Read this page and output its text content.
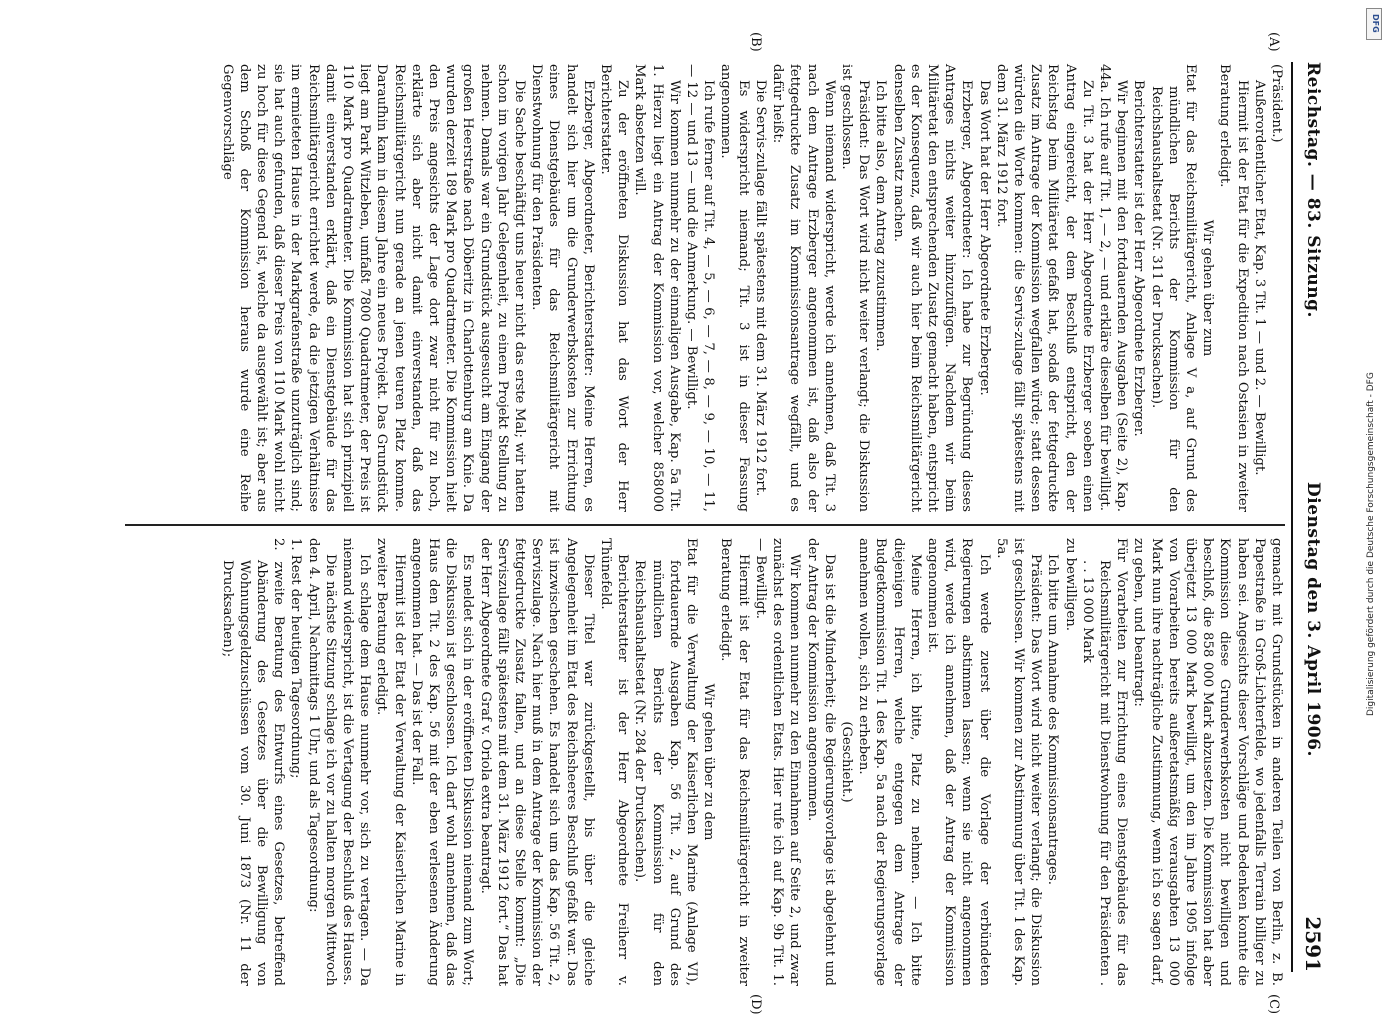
Reichstag. — 83. Sitzung.
Dienstag den 3. April 1906.
2591
(A)
(B)
(C)
(D)

(Präsident.)

Außerordentlicher Etat, Kap. 3 Tit. 1 — und 2. — Bewilligt.

Hiermit ist der Etat für die Expedition nach Ostasien in zweiter Beratung erledigt.

Wir gehen über zum

Etat für das Reichsmilitärgericht, Anlage V a, auf Grund des mündlichen Berichts der Kommission für den Reichshaushaltsetat (Nr. 311 der Drucksachen).

Berichterstatter ist der Herr Abgeordnete Erzberger.

Wir beginnen mit den fortdauernden Ausgaben (Seite 2), Kap. 44a. Ich rufe auf Tit. 1, — 2, — und erkläre dieselben für bewilligt.

Zu Tit. 3 hat der Herr Abgeordnete Erzberger soeben einen Antrag eingereicht, der dem Beschluß entspricht, den der Reichstag beim Militäretat gefaßt hat, sodaß der fettgedruckte Zusatz im Antrage der Kommission wegfallen würde; statt dessen würden die Worte kommen: die Servis-zulage fällt spätestens mit dem 31. März 1912 fort.

Das Wort hat der Herr Abgeordnete Erzberger.

Erzberger, Abgeordneter: Ich habe zur Begründung dieses Antrages nichts weiter hinzuzufügen. Nachdem wir beim Militäretat den entsprechenden Zusatz gemacht haben, entspricht es der Konsequenz, daß wir auch hier beim Reichsmilitärgericht denselben Zusatz machen.

Ich bitte also, dem Antrag zuzustimmen.

Präsident: Das Wort wird nicht weiter verlangt; die Diskussion ist geschlossen.

Wenn niemand widerspricht, werde ich annehmen, daß Tit. 3 nach dem Antrage Erzberger angenommen ist, daß also der fettgedruckte Zusatz im Kommissionsantrage wegfällt, und es dafür heißt:

Die Servis-zulage fällt spätestens mit dem 31. März 1912 fort.

Es widerspricht niemand; Tit. 3 ist in dieser Fassung angenommen.

Ich rufe ferner auf Tit. 4, — 5, — 6, — 7, — 8, — 9, — 10, — 11, — 12 — und 13 — und die Anmerkung. — Bewilligt.

Wir kommen nunmehr zu der einmaligen Ausgabe, Kap. 5a Tit. 1. Hierzu liegt ein Antrag der Kommission vor, welcher 858000 Mark absetzen will.

Zu der eröffneten Diskussion hat das Wort der Herr Berichterstatter.

Erzberger, Abgeordneter, Berichterstatter: Meine Herren, es handelt sich hier um die Grunderwerbskosten zur Errichtung eines Dienstgebäudes für das Reichsmilitärgericht mit Dienstwohnung für den Präsidenten.

Die Sache beschäftigt uns heuer nicht das erste Mal; wir hatten schon im vorigen Jahr Gelegenheit, zu einem Projekt Stellung zu nehmen. Damals war ein Grundstück ausgesucht am Eingang der großen Heerstraße nach Döberitz in Charlottenburg am Knie. Da wurden derzeit 189 Mark pro Quadratmeter. Die Kommission hielt den Preis angesichts der Lage dort zwar nicht für zu hoch, erklärte sich aber nicht damit einverstanden, daß das Reichsmilitärgericht nun gerade an jenen teuren Platz komme. Daraufhin kam in diesem Jahre ein neues Projekt. Das Grundstück liegt am Park Witzleben, umfaßt 7800 Quadratmeter, der Preis ist 110 Mark pro Quadratmeter. Die Kommission hat sich prinzipiell damit einverstanden erklärt, daß ein Dienstgebäude für das Reichsmilitärgericht errichtet werde, da die jetzigen Verhältnisse im ermieteten Hause in der Markgrafenstraße unzuträglich sind; sie hat auch gefunden, daß dieser Preis von 110 Mark wohl nicht zu hoch für diese Gegend ist, welche da ausgewählt ist; aber aus dem Schoß der Kommission heraus wurde eine Reihe Gegenvorschläge

gemacht mit Grundstücken in anderen Teilen von Berlin, z. B. Papestraße in Groß-Lichterfelde, wo jedenfalls Terrain billiger zu haben sei. Angesichts dieser Vorschläge und Bedenken konnte die Kommission diese Grunderwerbskosten nicht bewilligen und beschloß, die 858 000 Mark abzusetzen. Die Kommission hat aber überjetzt 13 000 Mark bewilligt, um den im Jahre 1905 infolge von Vorarbeiten bereits außeretatsmäßig verausgabten 13 000 Mark nun ihre nachträgliche Zustimmung, wenn ich so sagen darf, zu geben, und beantragt:

Für Vorarbeiten zur Errichtung eines Dienstgebäudes für das Reichsmilitärgericht mit Dienstwohnung für den Präsidenten . . . 13 000 Mark

zu bewilligen.

Ich bitte um Annahme des Kommissionsantrages.

Präsident: Das Wort wird nicht weiter verlangt; die Diskussion ist geschlossen. Wir kommen zur Abstimmung über Tit. 1 des Kap. 5a.

Ich werde zuerst über die Vorlage der verbündeten Regierungen abstimmen lassen; wenn sie nicht angenommen wird, werde ich annehmen, daß der Antrag der Kommission angenommen ist.

Meine Herren, ich bitte, Platz zu nehmen. — Ich bitte diejenigen Herren, welche entgegen dem Antrage der Budgetkommission Tit. 1 des Kap. 5a nach der Regierungsvorlage annehmen wollen, sich zu erheben.

(Geschieht.)

Das ist die Minderheit; die Regierungsvorlage ist abgelehnt und der Antrag der Kommission angenommen.

Wir kommen nunmehr zu den Einnahmen auf Seite 2, und zwar zunächst des ordentlichen Etats. Hier rufe ich auf Kap. 9b Tit. 1. — Bewilligt.

Hiermit ist der Etat für das Reichsmilitärgericht in zweiter Beratung erledigt.

Wir gehen über zu dem

Etat für die Verwaltung der Kaiserlichen Marine (Anlage VI), fortdauernde Ausgaben Kap. 56 Tit. 2, auf Grund des mündlichen Berichts der Kommission für den Reichshaushaltsetat (Nr. 284 der Drucksachen).

Berichterstatter ist der Herr Abgeordnete Freiherr v. Thünefeld.

Dieser Titel war zurückgestellt, bis über die gleiche Angelegenheit im Etat des Reichsheeres Beschluß gefaßt war. Das ist inzwischen geschehen. Es handelt sich um das Kap. 56 Tit. 2, Serviszulage. Nach hier muß in dem Antrage der Kommission der fettgedruckte Zusatz fallen, und an diese Stelle kommt: „Die Serviszulage fällt spätestens mit dem 31. März 1912 fort.“ Das hat der Herr Abgeordnete Graf v. Oriola extra beantragt.

Es meldet sich in der eröffneten Diskussion niemand zum Wort; die Diskussion ist geschlossen. Ich darf wohl annehmen, daß das Haus den Tit. 2 des Kap. 56 mit der eben verlesenen Änderung angenommen hat. — Das ist der Fall.

Hiermit ist der Etat der Verwaltung der Kaiserlichen Marine in zweiter Beratung erledigt.

Ich schlage dem Hause nunmehr vor, sich zu vertagen. — Da niemand widerspricht, ist die Vertagung der Beschluß des Hauses.

Die nächste Sitzung schlage ich vor zu halten morgen Mittwoch den 4. April, Nachmittags 1 Uhr, und als Tagesordnung:

1. Rest der heutigen Tagesordnung;

2. zweite Beratung des Entwurfs eines Gesetzes, betreffend Abänderung des Gesetzes über die Bewilligung von Wohnungsgeldzuschüssen vom 30. Juni 1873 (Nr. 11 der Drucksachen);

DFG
Digitalisierung gefördert durch die Deutsche Forschungsgemeinschaft - DFG
